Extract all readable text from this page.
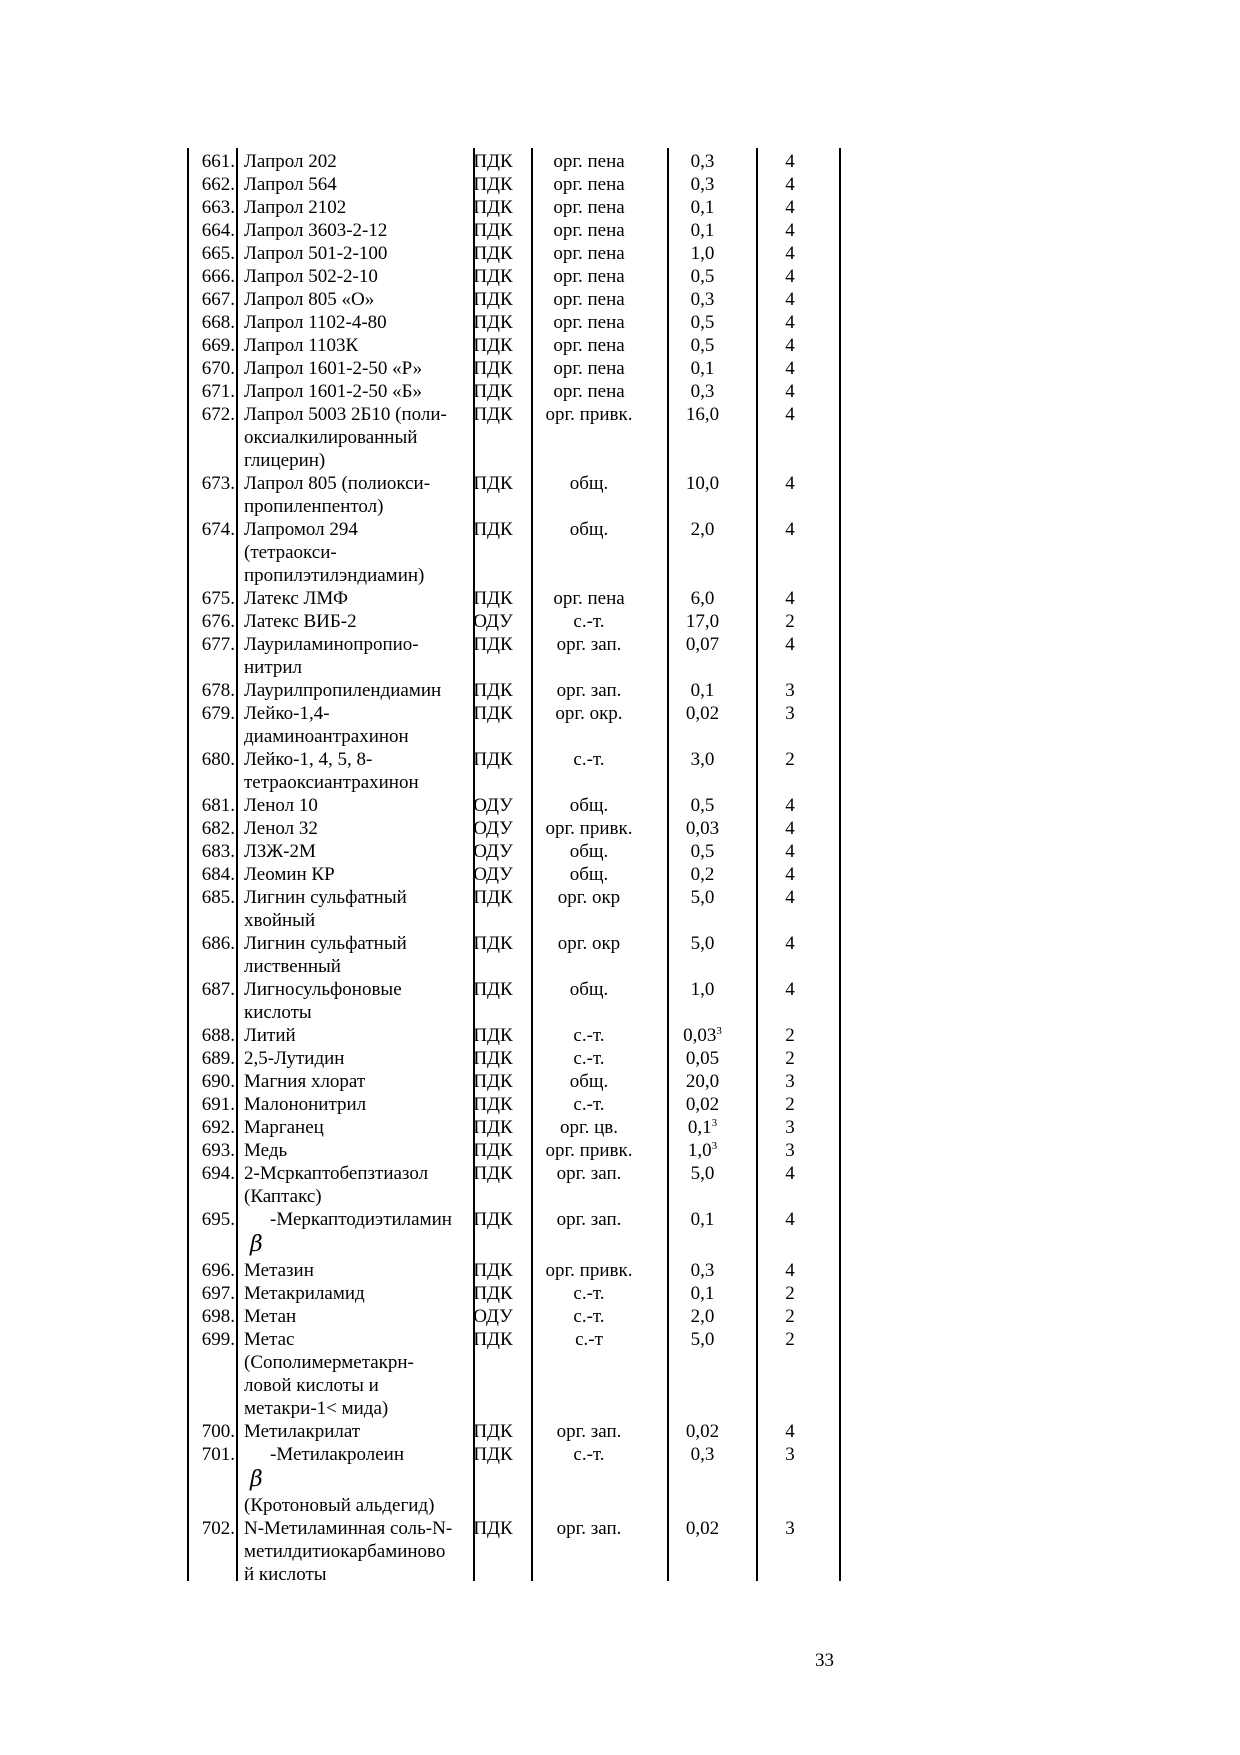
661. Лапрол 202	ПДК	орг. пена	0,3	4
662. Лапрол 564	ПДК	орг. пена	0,3	4
663. Лапрол 2102	ПДК	орг. пена	0,1	4
664. Лапрол 3603-2-12	ПДК	орг. пена	0,1	4
665. Лапрол 501-2-100	ПДК	орг. пена	1,0	4
666. Лапрол 502-2-10	ПДК	орг. пена	0,5	4
667. Лапрол 805 «О»	ПДК	орг. пена	0,3	4
668. Лапрол 1102-4-80	ПДК	орг. пена	0,5	4
669. Лапрол 1103К	ПДК	орг. пена	0,5	4
670. Лапрол 1601-2-50 «Р»	ПДК	орг. пена	0,1	4
671. Лапрол 1601-2-50 «Б»	ПДК	орг. пена	0,3	4
672. Лапрол 5003 2Б10 (поли-
оксиалкилированный
глицерин)
ПДК	орг. привк.	16,0	4
673. Лапрол 805 (полиокси-
пропиленпентол)
ПДК	общ.	10,0	4
674. Лапромол 294
(тетраокси-
пропилэтилэндиамин)
ПДК	общ.	2,0	4
675. Латекс ЛМФ	ПДК	орг. пена	6,0	4
676. Латекс ВИБ-2	ОДУ	с.-т.	17,0	2
677. Лауриламинопропио-
нитрил
ПДК	орг. зап.	0,07	4
678. Лаурилпропилендиамин	ПДК	орг. зап.	0,1	3
679. Лейко-1,4-
диаминоантрахинон
ПДК	орг. окр.	0,02	3
680. Лейко-1, 4, 5, 8-
тетраоксиантрахинон
ПДК	с.-т.	3,0	2
681. Ленол 10	ОДУ	общ.	0,5	4
682. Ленол 32	ОДУ	орг. привк.	0,03	4
683. ЛЗЖ-2М	ОДУ	общ.	0,5	4
684. Леомин КР	ОДУ	общ.	0,2	4
685. Лигнин сульфатный
хвойный
ПДК	орг. окр	5,0	4
686. Лигнин сульфатный
лиственный
ПДК	орг. окр	5,0	4
687. Лигносульфоновые
кислоты
ПДК	общ.	1,0	4
688. Литий	ПДК	с.-т.	0,03$^3$	2
689. 2,5-Лутидин	ПДК	с.-т.	0,05	2
690. Магния хлорат	ПДК	общ.	20,0	3
691. Малононитрил	ПДК	с.-т.	0,02	2
692. Марганец	ПДК	орг. цв.	$0,1^3$	3
693. Медь	ПДК	орг. привк.	$1,0^3$	3
694. 2-Мсркаптобепзтиазол
(Каптакс)
ПДК	орг. зап.	5,0	4
695.	-Меркаптодиэтиламин
β
ПДК	орг. зап.	0,1	4
696. Метазин	ПДК	орг. привк.	0,3	4
697. Метакриламид	ПДК	с.-т.	0,1	2
698. Метан	ОДУ	с.-т.	2,0	2
699. Метас
(Сополимерметакрн-
ловой кислоты и
метакри-1< мида)
ПДК	с.-т	5,0	2
700. Метилакрилат	ПДК	орг. зап.	0,02	4
701.	-Метилакролеин
β
(Кротоновый альдегид)
ПДК	с.-т.	0,3	3
702. N-Метиламинная соль-N-
метилдитиокарбаминово
й кислоты
ПДК	орг. зап.	0,02	3
33
